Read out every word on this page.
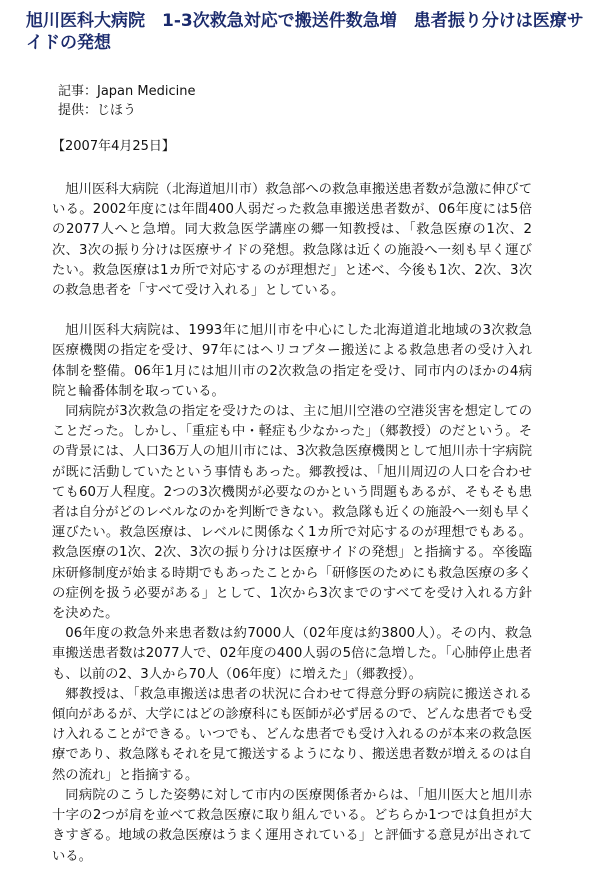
旭川医科大病院　1-3次救急対応で搬送件数急増　患者振り分けは医療サイドの発想
記事：Japan Medicine
提供：じほう
【2007年4月25日】

旭川医科大病院（北海道旭川市）救急部への救急車搬送患者数が急激に伸びている。2002年度には年間400人弱だった救急車搬送患者数が、06年度には5倍の2077人へと急増。同大救急医学講座の郷一知教授は、「救急医療の1次、2次、3次の振り分けは医療サイドの発想。救急隊は近くの施設へ一刻も早く運びたい。救急医療は1カ所で対応するのが理想だ」と述べ、今後も1次、2次、3次の救急患者を「すべて受け入れる」としている。

旭川医科大病院は、1993年に旭川市を中心にした北海道道北地域の3次救急医療機関の指定を受け、97年にはヘリコプター搬送による救急患者の受け入れ体制を整備。06年1月には旭川市の2次救急の指定を受け、同市内のほかの4病院と輪番体制を取っている。

同病院が3次救急の指定を受けたのは、主に旭川空港の空港災害を想定してのことだった。しかし、「重症も中・軽症も少なかった」（郷教授）のだという。その背景には、人口36万人の旭川市には、3次救急医療機関として旭川赤十字病院が既に活動していたという事情もあった。郷教授は、「旭川周辺の人口を合わせても60万人程度。2つの3次機関が必要なのかという問題もあるが、そもそも患者は自分がどのレベルなのかを判断できない。救急隊も近くの施設へ一刻も早く運びたい。救急医療は、レベルに関係なく1カ所で対応するのが理想でもある。救急医療の1次、2次、3次の振り分けは医療サイドの発想」と指摘する。卒後臨床研修制度が始まる時期でもあったことから「研修医のためにも救急医療の多くの症例を扱う必要がある」として、1次から3次までのすべてを受け入れる方針を決めた。

06年度の救急外来患者数は約7000人（02年度は約3800人）。その内、救急車搬送患者数は2077人で、02年度の400人弱の5倍に急増した。「心肺停止患者も、以前の2、3人から70人（06年度）に増えた」（郷教授）。

郷教授は、「救急車搬送は患者の状況に合わせて得意分野の病院に搬送される傾向があるが、大学にはどの診療科にも医師が必ず居るので、どんな患者でも受け入れることができる。いつでも、どんな患者でも受け入れるのが本来の救急医療であり、救急隊もそれを見て搬送するようになり、搬送患者数が増えるのは自然の流れ」と指摘する。

同病院のこうした姿勢に対して市内の医療関係者からは、「旭川医大と旭川赤十字の2つが肩を並べて救急医療に取り組んでいる。どちらか1つでは負担が大きすぎる。地域の救急医療はうまく運用されている」と評価する意見が出されている。
